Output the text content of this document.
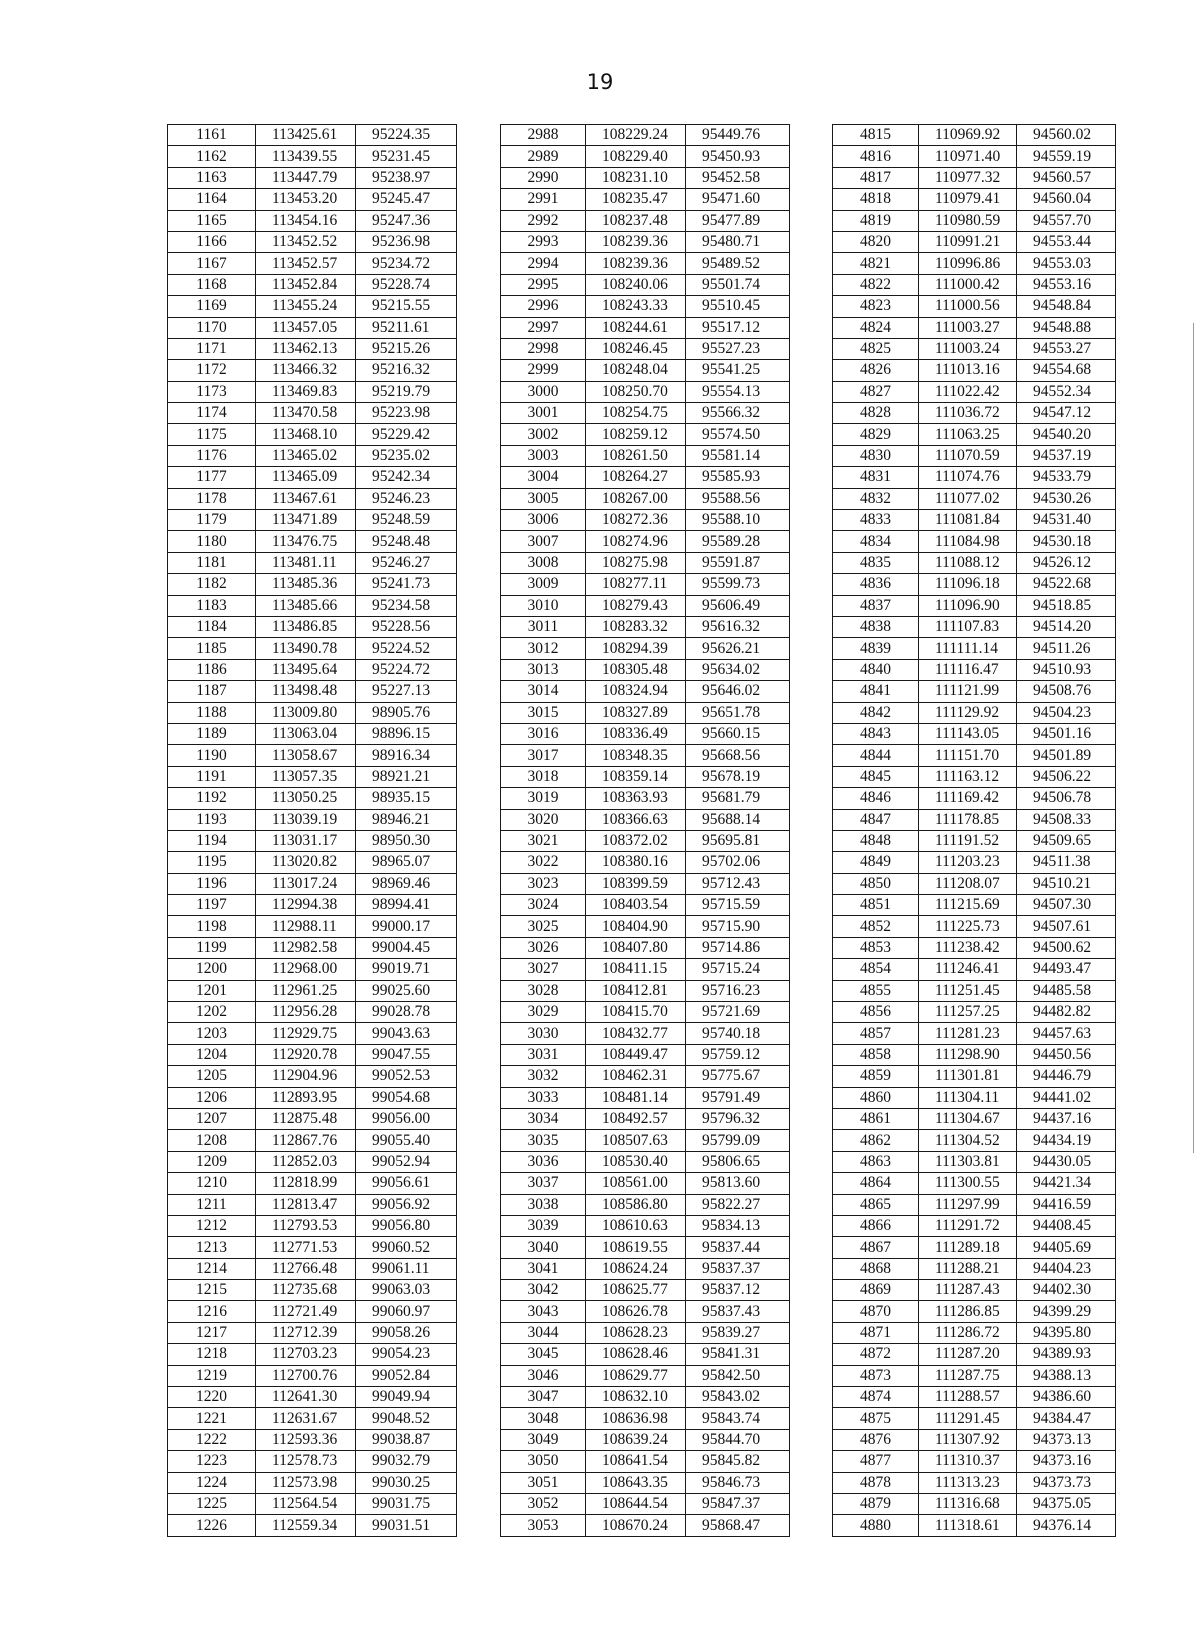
19
1161	113425.61	95224.35
1162	113439.55	95231.45
1163	113447.79	95238.97
1164	113453.20	95245.47
1165	113454.16	95247.36
1166	113452.52	95236.98
1167	113452.57	95234.72
1168	113452.84	95228.74
1169	113455.24	95215.55
1170	113457.05	95211.61
1171	113462.13	95215.26
1172	113466.32	95216.32
1173	113469.83	95219.79
1174	113470.58	95223.98
1175	113468.10	95229.42
1176	113465.02	95235.02
1177	113465.09	95242.34
1178	113467.61	95246.23
1179	113471.89	95248.59
1180	113476.75	95248.48
1181	113481.11	95246.27
1182	113485.36	95241.73
1183	113485.66	95234.58
1184	113486.85	95228.56
1185	113490.78	95224.52
1186	113495.64	95224.72
1187	113498.48	95227.13
1188	113009.80	98905.76
1189	113063.04	98896.15
1190	113058.67	98916.34
1191	113057.35	98921.21
1192	113050.25	98935.15
1193	113039.19	98946.21
1194	113031.17	98950.30
1195	113020.82	98965.07
1196	113017.24	98969.46
1197	112994.38	98994.41
1198	112988.11	99000.17
1199	112982.58	99004.45
1200	112968.00	99019.71
1201	112961.25	99025.60
1202	112956.28	99028.78
1203	112929.75	99043.63
1204	112920.78	99047.55
1205	112904.96	99052.53
1206	112893.95	99054.68
1207	112875.48	99056.00
1208	112867.76	99055.40
1209	112852.03	99052.94
1210	112818.99	99056.61
1211	112813.47	99056.92
1212	112793.53	99056.80
1213	112771.53	99060.52
1214	112766.48	99061.11
1215	112735.68	99063.03
1216	112721.49	99060.97
1217	112712.39	99058.26
1218	112703.23	99054.23
1219	112700.76	99052.84
1220	112641.30	99049.94
1221	112631.67	99048.52
1222	112593.36	99038.87
1223	112578.73	99032.79
1224	112573.98	99030.25
1225	112564.54	99031.75
1226	112559.34	99031.51
2988	108229.24	95449.76
2989	108229.40	95450.93
2990	108231.10	95452.58
2991	108235.47	95471.60
2992	108237.48	95477.89
2993	108239.36	95480.71
2994	108239.36	95489.52
2995	108240.06	95501.74
2996	108243.33	95510.45
2997	108244.61	95517.12
2998	108246.45	95527.23
2999	108248.04	95541.25
3000	108250.70	95554.13
3001	108254.75	95566.32
3002	108259.12	95574.50
3003	108261.50	95581.14
3004	108264.27	95585.93
3005	108267.00	95588.56
3006	108272.36	95588.10
3007	108274.96	95589.28
3008	108275.98	95591.87
3009	108277.11	95599.73
3010	108279.43	95606.49
3011	108283.32	95616.32
3012	108294.39	95626.21
3013	108305.48	95634.02
3014	108324.94	95646.02
3015	108327.89	95651.78
3016	108336.49	95660.15
3017	108348.35	95668.56
3018	108359.14	95678.19
3019	108363.93	95681.79
3020	108366.63	95688.14
3021	108372.02	95695.81
3022	108380.16	95702.06
3023	108399.59	95712.43
3024	108403.54	95715.59
3025	108404.90	95715.90
3026	108407.80	95714.86
3027	108411.15	95715.24
3028	108412.81	95716.23
3029	108415.70	95721.69
3030	108432.77	95740.18
3031	108449.47	95759.12
3032	108462.31	95775.67
3033	108481.14	95791.49
3034	108492.57	95796.32
3035	108507.63	95799.09
3036	108530.40	95806.65
3037	108561.00	95813.60
3038	108586.80	95822.27
3039	108610.63	95834.13
3040	108619.55	95837.44
3041	108624.24	95837.37
3042	108625.77	95837.12
3043	108626.78	95837.43
3044	108628.23	95839.27
3045	108628.46	95841.31
3046	108629.77	95842.50
3047	108632.10	95843.02
3048	108636.98	95843.74
3049	108639.24	95844.70
3050	108641.54	95845.82
3051	108643.35	95846.73
3052	108644.54	95847.37
3053	108670.24	95868.47
4815	110969.92	94560.02
4816	110971.40	94559.19
4817	110977.32	94560.57
4818	110979.41	94560.04
4819	110980.59	94557.70
4820	110991.21	94553.44
4821	110996.86	94553.03
4822	111000.42	94553.16
4823	111000.56	94548.84
4824	111003.27	94548.88
4825	111003.24	94553.27
4826	111013.16	94554.68
4827	111022.42	94552.34
4828	111036.72	94547.12
4829	111063.25	94540.20
4830	111070.59	94537.19
4831	111074.76	94533.79
4832	111077.02	94530.26
4833	111081.84	94531.40
4834	111084.98	94530.18
4835	111088.12	94526.12
4836	111096.18	94522.68
4837	111096.90	94518.85
4838	111107.83	94514.20
4839	111111.14	94511.26
4840	111116.47	94510.93
4841	111121.99	94508.76
4842	111129.92	94504.23
4843	111143.05	94501.16
4844	111151.70	94501.89
4845	111163.12	94506.22
4846	111169.42	94506.78
4847	111178.85	94508.33
4848	111191.52	94509.65
4849	111203.23	94511.38
4850	111208.07	94510.21
4851	111215.69	94507.30
4852	111225.73	94507.61
4853	111238.42	94500.62
4854	111246.41	94493.47
4855	111251.45	94485.58
4856	111257.25	94482.82
4857	111281.23	94457.63
4858	111298.90	94450.56
4859	111301.81	94446.79
4860	111304.11	94441.02
4861	111304.67	94437.16
4862	111304.52	94434.19
4863	111303.81	94430.05
4864	111300.55	94421.34
4865	111297.99	94416.59
4866	111291.72	94408.45
4867	111289.18	94405.69
4868	111288.21	94404.23
4869	111287.43	94402.30
4870	111286.85	94399.29
4871	111286.72	94395.80
4872	111287.20	94389.93
4873	111287.75	94388.13
4874	111288.57	94386.60
4875	111291.45	94384.47
4876	111307.92	94373.13
4877	111310.37	94373.16
4878	111313.23	94373.73
4879	111316.68	94375.05
4880	111318.61	94376.14
